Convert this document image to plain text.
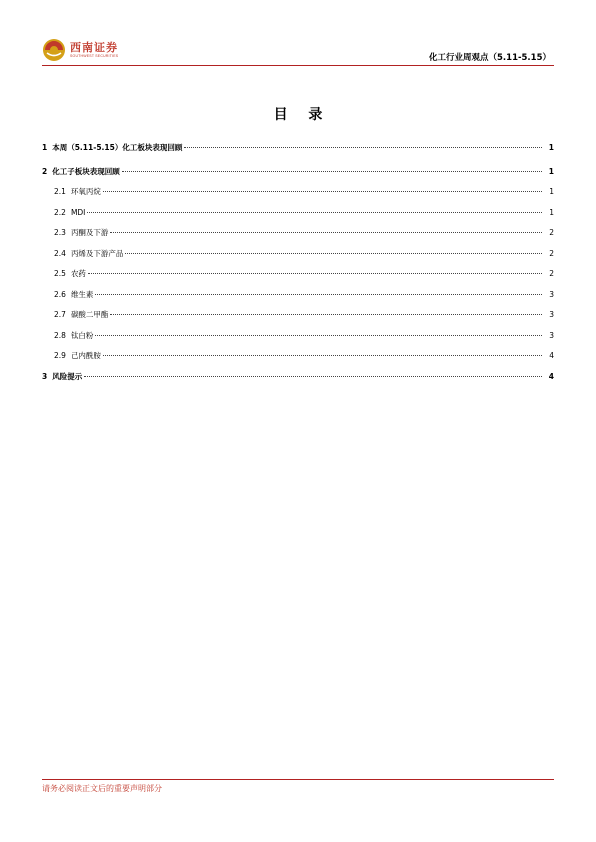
西南证券
SOUTHWEST SECURITIES	化工行业周观点（5.11-5.15）
目 录
1 本周（5.11-5.15）化工板块表现回顾	1
2 化工子板块表现回顾	1
2.1 环氧丙烷	1
2.2 MDI	1
2.3 丙酮及下游	2
2.4 丙烯及下游产品	2
2.5 农药	2
2.6 维生素	3
2.7 碳酸二甲酯	3
2.8 钛白粉	3
2.9 己内酰胺	4
3 风险提示	4
请务必阅读正文后的重要声明部分
